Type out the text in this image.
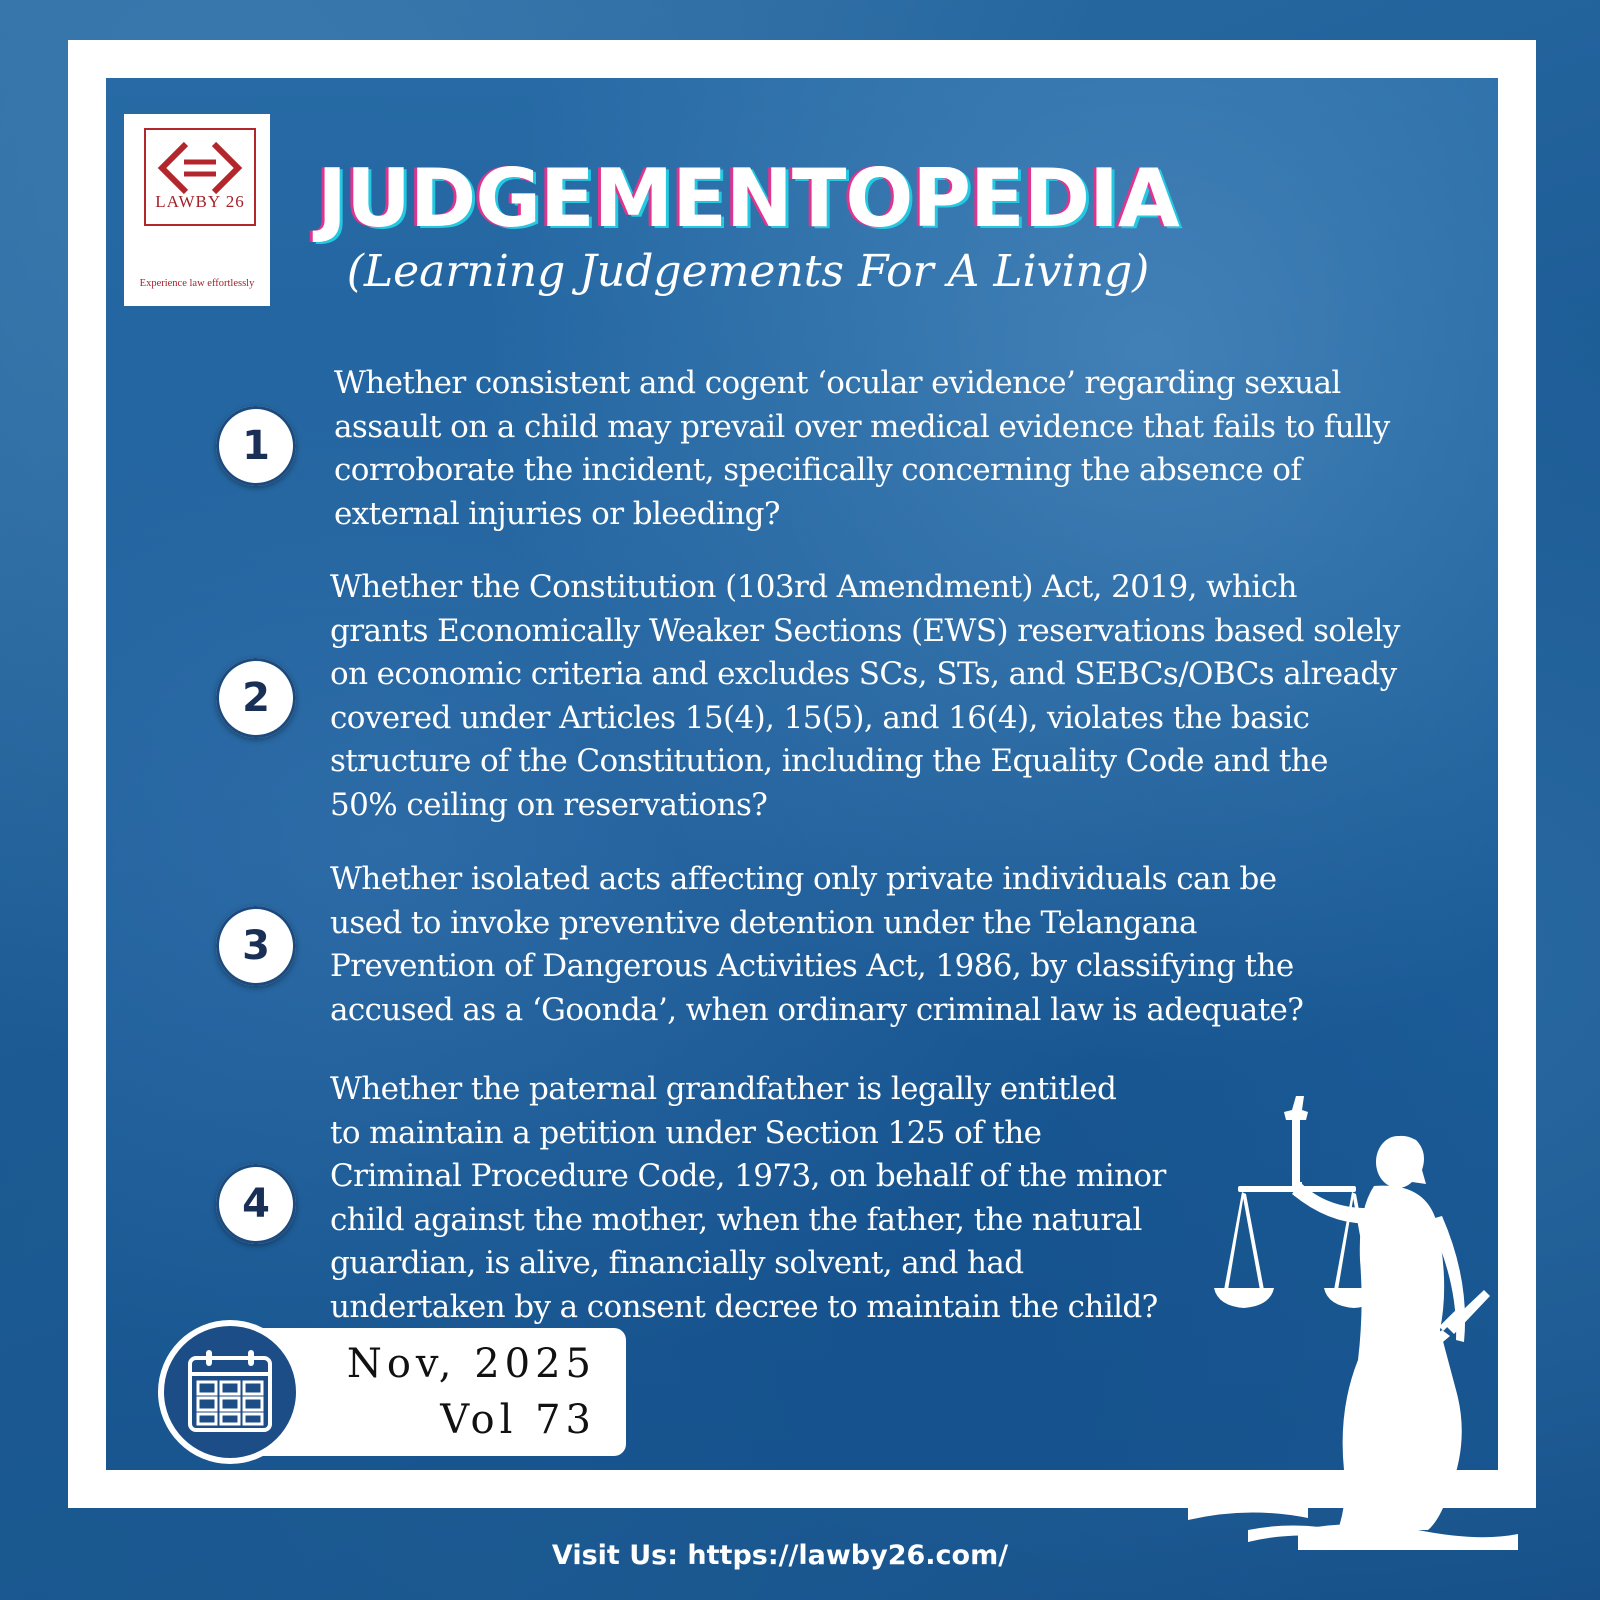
LAWBY 26
Experience law effortlessly
JUDGEMENTOPEDIA
(Learning Judgements For A Living)
1
Whether consistent and cogent ‘ocular evidence’ regarding sexual
assault on a child may prevail over medical evidence that fails to fully
corroborate the incident, specifically concerning the absence of
external injuries or bleeding?
2
Whether the Constitution (103rd Amendment) Act, 2019, which
grants Economically Weaker Sections (EWS) reservations based solely
on economic criteria and excludes SCs, STs, and SEBCs/OBCs already
covered under Articles 15(4), 15(5), and 16(4), violates the basic
structure of the Constitution, including the Equality Code and the
50% ceiling on reservations?
3
Whether isolated acts affecting only private individuals can be
used to invoke preventive detention under the Telangana
Prevention of Dangerous Activities Act, 1986, by classifying the
accused as a ‘Goonda’, when ordinary criminal law is adequate?
4
Whether the paternal grandfather is legally entitled
to maintain a petition under Section 125 of the
Criminal Procedure Code, 1973, on behalf of the minor
child against the mother, when the father, the natural
guardian, is alive, financially solvent, and had
undertaken by a consent decree to maintain the child?
Nov, 2025
Vol 73
Visit Us: https://lawby26.com/
